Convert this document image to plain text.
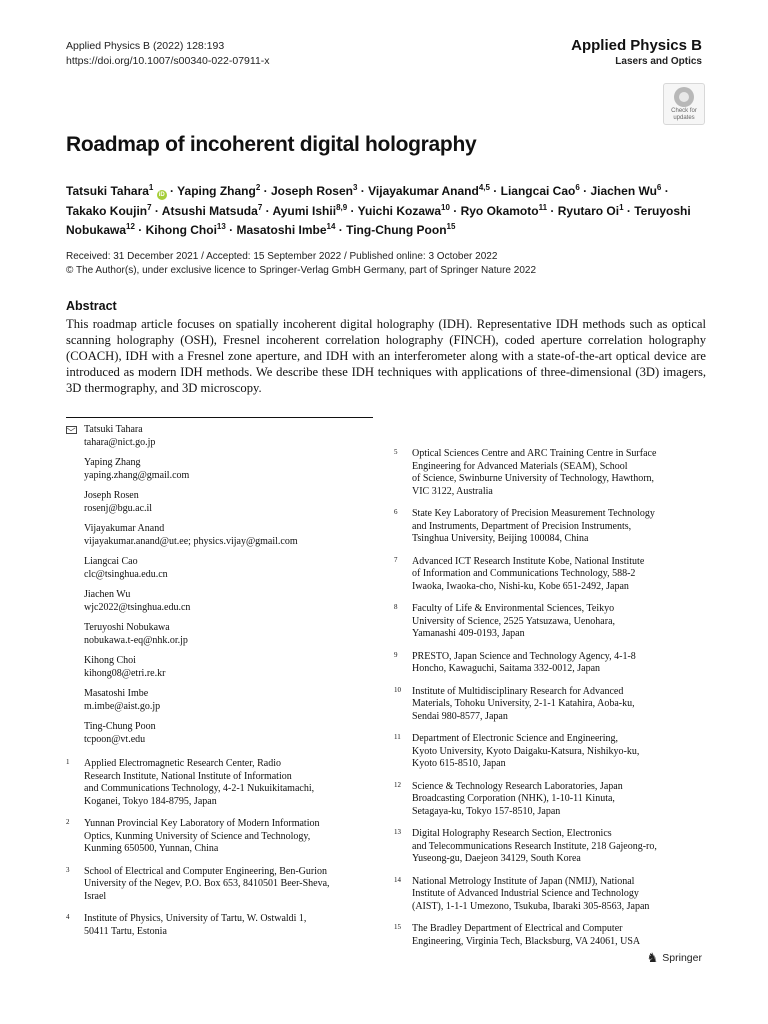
Applied Physics B (2022) 128:193
https://doi.org/10.1007/s00340-022-07911-x
Applied Physics B
Lasers and Optics
Check for
updates
Roadmap of incoherent digital holography
Tatsuki Tahara$^1$ iD · Yaping Zhang$^2$ · Joseph Rosen$^3$ · Vijayakumar Anand$^{4,5}$ · Liangcai Cao$^6$ · Jiachen $Wu^6$ · Takako Koujin$^7$ · Atsushi Matsuda$^7$ · Ayumi Ishii$^{8,9}$ · Yuichi Kozawa$^{10}$ · Ryo Okamoto$^{11}$ · Ryutaro $Oi^1$ · Teruyoshi Nobukawa$^{12}$ · Kihong Choi$^{13}$ · Masatoshi Imbe$^{14}$ · Ting-Chung Poon$^{15}$
Received: 31 December 2021 / Accepted: 15 September 2022 / Published online: 3 October 2022
© The Author(s), under exclusive licence to Springer-Verlag GmbH Germany, part of Springer Nature 2022
Abstract
This roadmap article focuses on spatially incoherent digital holography (IDH). Representative IDH methods such as optical scanning holography (OSH), Fresnel incoherent correlation holography (FINCH), coded aperture correlation holography (COACH), IDH with a Fresnel zone aperture, and IDH with an interferometer along with a state-of-the-art optical device are introduced as modern IDH methods. We describe these IDH techniques with applications of three-dimensional (3D) imagers, 3D thermography, and 3D microscopy.
Tatsuki Tahara
tahara@nict.go.jp
Yaping Zhang
yaping.zhang@gmail.com
Joseph Rosen
rosenj@bgu.ac.il
Vijayakumar Anand
vijayakumar.anand@ut.ee; physics.vijay@gmail.com
Liangcai Cao
clc@tsinghua.edu.cn
Jiachen Wu
wjc2022@tsinghua.edu.cn
Teruyoshi Nobukawa
nobukawa.t-eq@nhk.or.jp
Kihong Choi
kihong08@etri.re.kr
Masatoshi Imbe
m.imbe@aist.go.jp
Ting-Chung Poon
tcpoon@vt.edu
1 Applied Electromagnetic Research Center, Radio
Research Institute, National Institute of Information
and Communications Technology, 4-2-1 Nukuikitamachi,
Koganei, Tokyo 184-8795, Japan
2 Yunnan Provincial Key Laboratory of Modern Information
Optics, Kunming University of Science and Technology,
Kunming 650500, Yunnan, China
3 School of Electrical and Computer Engineering, Ben-Gurion
University of the Negev, P.O. Box 653, 8410501 Beer-Sheva,
Israel
4 Institute of Physics, University of Tartu, W. Ostwaldi 1,
50411 Tartu, Estonia
5 Optical Sciences Centre and ARC Training Centre in Surface
Engineering for Advanced Materials (SEAM), School
of Science, Swinburne University of Technology, Hawthorn,
VIC 3122, Australia
6 State Key Laboratory of Precision Measurement Technology
and Instruments, Department of Precision Instruments,
Tsinghua University, Beijing 100084, China
7 Advanced ICT Research Institute Kobe, National Institute
of Information and Communications Technology, 588-2
Iwaoka, Iwaoka-cho, Nishi-ku, Kobe 651-2492, Japan
8 Faculty of Life & Environmental Sciences, Teikyo
University of Science, 2525 Yatsuzawa, Uenohara,
Yamanashi 409-0193, Japan
9 PRESTO, Japan Science and Technology Agency, 4-1-8
Honcho, Kawaguchi, Saitama 332-0012, Japan
10 Institute of Multidisciplinary Research for Advanced
Materials, Tohoku University, 2-1-1 Katahira, Aoba-ku,
Sendai 980-8577, Japan
11 Department of Electronic Science and Engineering,
Kyoto University, Kyoto Daigaku-Katsura, Nishikyo-ku,
Kyoto 615-8510, Japan
12 Science & Technology Research Laboratories, Japan
Broadcasting Corporation (NHK), 1-10-11 Kinuta,
Setagaya-ku, Tokyo 157-8510, Japan
13 Digital Holography Research Section, Electronics
and Telecommunications Research Institute, 218 Gajeong-ro,
Yuseong-gu, Daejeon 34129, South Korea
14 National Metrology Institute of Japan (NMIJ), National
Institute of Advanced Industrial Science and Technology
(AIST), 1-1-1 Umezono, Tsukuba, Ibaraki 305-8563, Japan
15 The Bradley Department of Electrical and Computer
Engineering, Virginia Tech, Blacksburg, VA 24061, USA
♞ Springer
